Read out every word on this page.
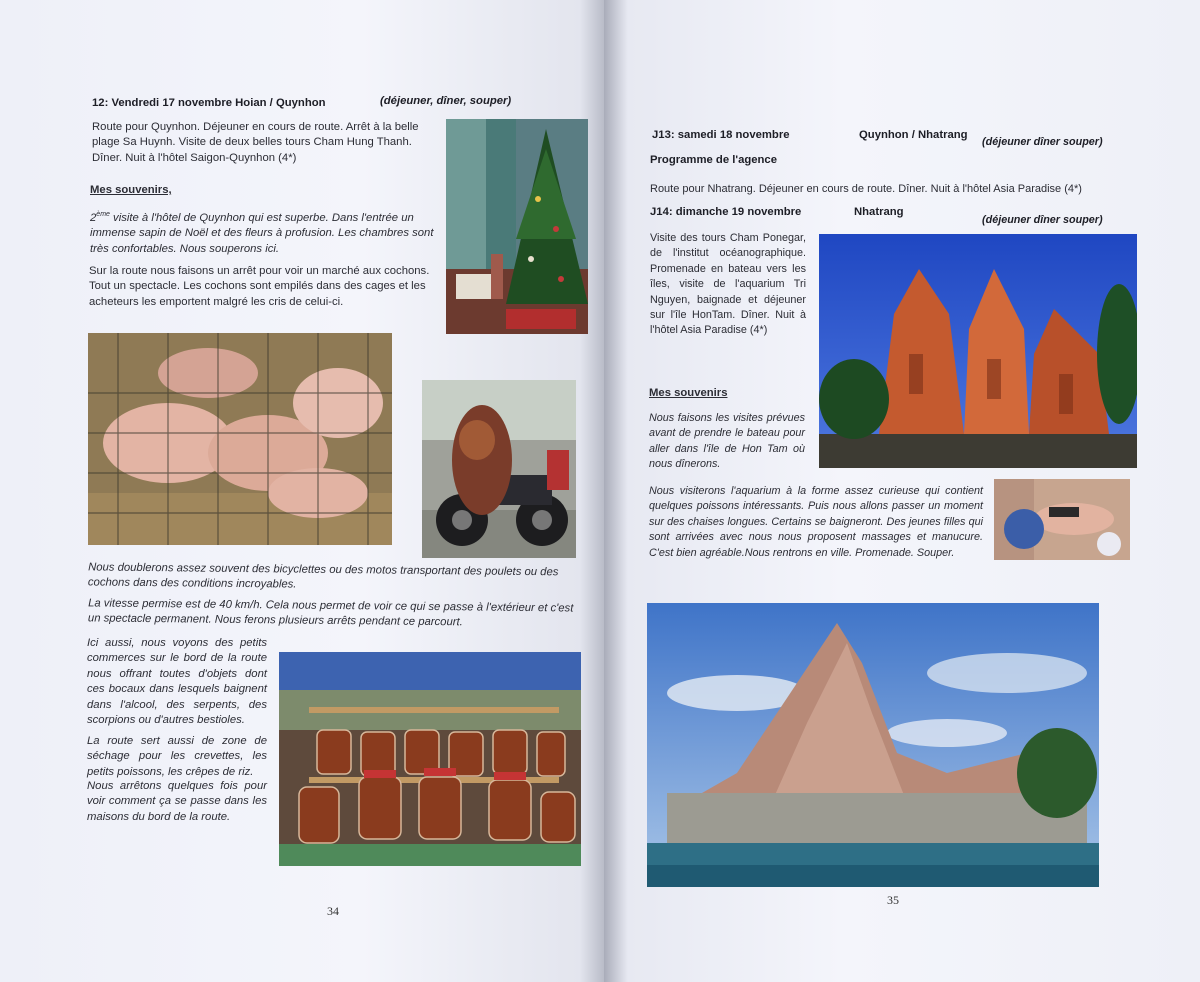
12: Vendredi 17 novembre Hoian / Quynhon	(déjeuner, dîner, souper)

Route pour Quynhon. Déjeuner en cours de route. Arrêt à la belle plage Sa Huynh. Visite de deux belles tours Cham Hung Thanh. Dîner. Nuit à l'hôtel Saigon-Quynhon (4*)

Mes souvenirs,

2ème visite à l'hôtel de Quynhon qui est superbe. Dans l'entrée un immense sapin de Noël et des fleurs à profusion. Les chambres sont très confortables. Nous souperons ici.

Sur la route nous faisons un arrêt pour voir un marché aux cochons. Tout un spectacle. Les cochons sont empilés dans des cages et les acheteurs les emportent malgré les cris de celui-ci.

Nous doublerons assez souvent des bicyclettes ou des motos transportant des poulets ou des cochons dans des conditions incroyables.

La vitesse permise est de 40 km/h. Cela nous permet de voir ce qui se passe à l'extérieur et c'est un spectacle permanent. Nous ferons plusieurs arrêts pendant ce parcourt.

Ici aussi, nous voyons des petits commerces sur le bord de la route nous offrant toutes d'objets dont ces bocaux dans lesquels baignent dans l'alcool, des serpents, des scorpions ou d'autres bestioles.

La route sert aussi de zone de séchage pour les crevettes, les petits poissons, les crêpes de riz.

Nous arrêtons quelques fois pour voir comment ça se passe dans les maisons du bord de la route.

34
J13: samedi 18 novembre	Quynhon / Nhatrang
(déjeuner dîner souper)
Programme de l'agence

Route pour Nhatrang. Déjeuner en cours de route. Dîner. Nuit à l'hôtel Asia Paradise (4*)

J14: dimanche 19 novembre	Nhatrang
(déjeuner dîner souper)

Visite des tours Cham Ponegar, de l'institut océanographique. Promenade en bateau vers les îles, visite de l'aquarium Tri Nguyen, baignade et déjeuner sur l'île HonTam. Dîner. Nuit à l'hôtel Asia Paradise (4*)

Mes souvenirs

Nous faisons les visites prévues avant de prendre le bateau pour aller dans l'île de Hon Tam où nous dînerons.

Nous visiterons l'aquarium à la forme assez curieuse qui contient quelques poissons intéressants. Puis nous allons passer un moment sur des chaises longues. Certains se baigneront. Des jeunes filles qui sont arrivées avec nous nous proposent massages et manucure. C'est bien agréable.Nous rentrons en ville. Promenade. Souper.

35
